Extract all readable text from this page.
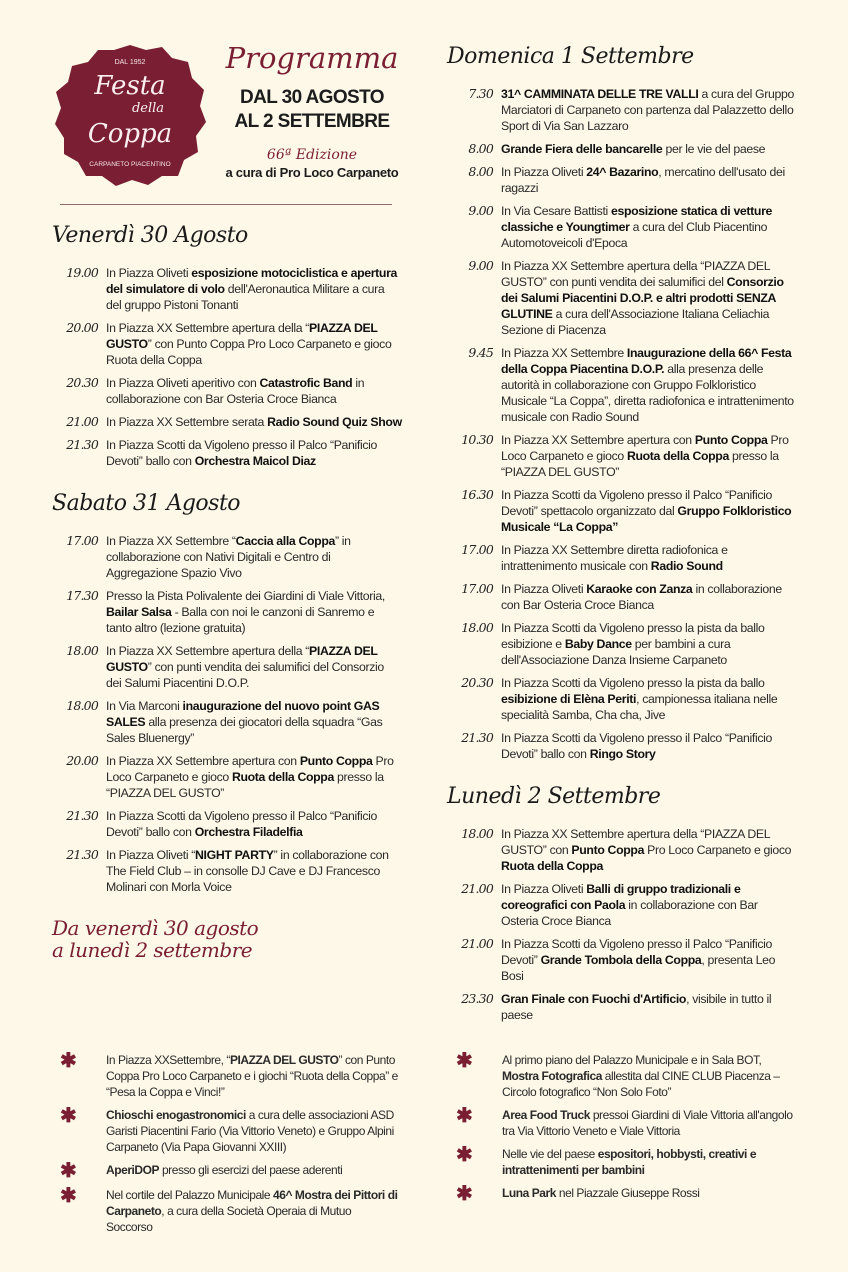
DAL 1952
Festa
della
Coppa
CARPANETO PIACENTINO
Programma
DAL 30 AGOSTO
AL 2 SETTEMBRE
66ª Edizione
a cura di Pro Loco Carpaneto
Venerdì 30 Agosto
19.00 In Piazza Oliveti esposizione motociclistica e apertura del simulatore di volo dell'Aeronautica Militare a cura del gruppo Pistoni Tonanti
20.00 In Piazza XX Settembre apertura della “PIAZZA DEL GUSTO” con Punto Coppa Pro Loco Carpaneto e gioco Ruota della Coppa
20.30 In Piazza Oliveti aperitivo con Catastrofic Band in collaborazione con Bar Osteria Croce Bianca
21.00 In Piazza XX Settembre serata Radio Sound Quiz Show
21.30 In Piazza Scotti da Vigoleno presso il Palco “Panificio Devoti” ballo con Orchestra Maicol Diaz
Sabato 31 Agosto
17.00 In Piazza XX Settembre “Caccia alla Coppa” in collaborazione con Nativi Digitali e Centro di Aggregazione Spazio Vivo
17.30 Presso la Pista Polivalente dei Giardini di Viale Vittoria, Bailar Salsa - Balla con noi le canzoni di Sanremo e tanto altro (lezione gratuita)
18.00 In Piazza XX Settembre apertura della “PIAZZA DEL GUSTO” con punti vendita dei salumifici del Consorzio dei Salumi Piacentini D.O.P.
18.00 In Via Marconi inaugurazione del nuovo point GAS SALES alla presenza dei giocatori della squadra “Gas Sales Bluenergy”
20.00 In Piazza XX Settembre apertura con Punto Coppa Pro Loco Carpaneto e gioco Ruota della Coppa presso la “PIAZZA DEL GUSTO”
21.30 In Piazza Scotti da Vigoleno presso il Palco “Panificio Devoti” ballo con Orchestra Filadelfia
21.30 In Piazza Oliveti “NIGHT PARTY” in collaborazione con The Field Club – in consolle DJ Cave e DJ Francesco Molinari con Morla Voice
Da venerdì 30 agosto
a lunedì 2 settembre
Domenica 1 Settembre
7.30 31^ CAMMINATA DELLE TRE VALLI a cura del Gruppo Marciatori di Carpaneto con partenza dal Palazzetto dello Sport di Via San Lazzaro
8.00 Grande Fiera delle bancarelle per le vie del paese
8.00 In Piazza Oliveti 24^ Bazarino, mercatino dell'usato dei ragazzi
9.00 In Via Cesare Battisti esposizione statica di vetture classiche e Youngtimer a cura del Club Piacentino Automotoveicoli d'Epoca
9.00 In Piazza XX Settembre apertura della “PIAZZA DEL GUSTO” con punti vendita dei salumifici del Consorzio dei Salumi Piacentini D.O.P. e altri prodotti SENZA GLUTINE a cura dell'Associazione Italiana Celiachia Sezione di Piacenza
9.45 In Piazza XX Settembre Inaugurazione della 66^ Festa della Coppa Piacentina D.O.P. alla presenza delle autorità in collaborazione con Gruppo Folkloristico Musicale “La Coppa”, diretta radiofonica e intrattenimento musicale con Radio Sound
10.30 In Piazza XX Settembre apertura con Punto Coppa Pro Loco Carpaneto e gioco Ruota della Coppa presso la “PIAZZA DEL GUSTO”
16.30 In Piazza Scotti da Vigoleno presso il Palco “Panificio Devoti” spettacolo organizzato dal Gruppo Folkloristico Musicale “La Coppa”
17.00 In Piazza XX Settembre diretta radiofonica e intrattenimento musicale con Radio Sound
17.00 In Piazza Oliveti Karaoke con Zanza in collaborazione con Bar Osteria Croce Bianca
18.00 In Piazza Scotti da Vigoleno presso la pista da ballo esibizione e Baby Dance per bambini a cura dell'Associazione Danza Insieme Carpaneto
20.30 In Piazza Scotti da Vigoleno presso la pista da ballo esibizione di Elèna Periti, campionessa italiana nelle specialità Samba, Cha cha, Jive
21.30 In Piazza Scotti da Vigoleno presso il Palco “Panificio Devoti” ballo con Ringo Story
Lunedì 2 Settembre
18.00 In Piazza XX Settembre apertura della “PIAZZA DEL GUSTO” con Punto Coppa Pro Loco Carpaneto e gioco Ruota della Coppa
21.00 In Piazza Oliveti Balli di gruppo tradizionali e coreografici con Paola in collaborazione con Bar Osteria Croce Bianca
21.00 In Piazza Scotti da Vigoleno presso il Palco “Panificio Devoti” Grande Tombola della Coppa, presenta Leo Bosi
23.30 Gran Finale con Fuochi d'Artificio, visibile in tutto il paese
✱	In Piazza XXSettembre, “PIAZZA DEL GUSTO” con Punto Coppa Pro Loco Carpaneto e i giochi “Ruota della Coppa” e “Pesa la Coppa e Vinci!”
✱	Chioschi enogastronomici a cura delle associazioni ASD Garisti Piacentini Fario (Via Vittorio Veneto) e Gruppo Alpini Carpaneto (Via Papa Giovanni XXIII)
✱	AperiDOP presso gli esercizi del paese aderenti
✱	Nel cortile del Palazzo Municipale 46^ Mostra dei Pittori di Carpaneto, a cura della Società Operaia di Mutuo Soccorso
✱	Al primo piano del Palazzo Municipale e in Sala BOT, Mostra Fotografica allestita dal CINE CLUB Piacenza – Circolo fotografico “Non Solo Foto”
✱	Area Food Truck pressoi Giardini di Viale Vittoria all'angolo tra Via Vittorio Veneto e Viale Vittoria
✱	Nelle vie del paese espositori, hobbysti, creativi e intrattenimenti per bambini
✱	Luna Park nel Piazzale Giuseppe Rossi
